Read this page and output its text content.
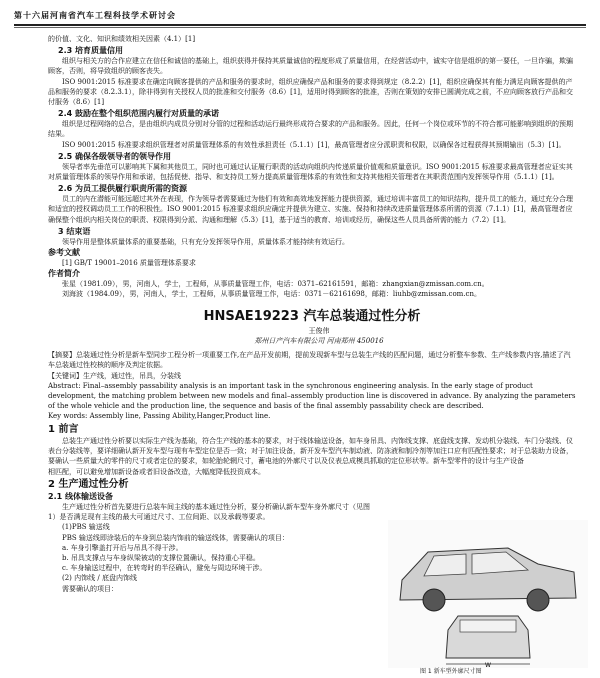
第十六届河南省汽车工程科技学术研讨会

的价值、文化、知识和绩效相关因素（4.1）[1]

2.3 培育质量信用

组织与相关方的合作应建立在信任和诚信的基础上，组织获得并保持其质量诚信的程度形成了质量信用，在经营活动中，诚实守信是组织的第一要任，一旦诈骗，欺骗顾客，否则，将导致组织的顾客丧失。

ISO 9001:2015 标准要求在确定向顾客提供的产品和服务的要求时，组织应确保产品和服务的要求得到规定（8.2.2）[1]，组织应确保其有能力满足向顾客提供的产品和服务的要求（8.2.3.1），除非得到有关授权人员的批准和交付服务（8.6）[1]，适用时得到顾客的批准，否则在策划的安排已圆满完成之前，不应向顾客放行产品和交付服务（8.6）[1]

2.4 鼓励在整个组织范围内履行对质量的承诺

组织是过程网络的总合，是由组织内成员分别对分管的过程和活动运行最终形成符合要求的产品和服务。因此，任何一个岗位或环节的不符合都可能影响到组织的预期结果。

ISO 9001:2015 标准要求组织管理者对质量管理体系的有效性承担责任（5.1.1）[1]，最高管理者应分派职责和权限，以确保各过程获得其预期输出（5.3）[1]。

2.5 确保各级领导者的领导作用

领导者率先垂范可以影响其下属和其他员工，同时也可通过认证履行职责的活动向组织内传递质量价值观和质量意识。ISO 9001:2015 标准要求最高管理者应证实其对质量管理体系的领导作用和承诺，包括促使、指导、和支持员工努力提高质量管理体系的有效性和支持其他相关管理者在其职责范围内发挥领导作用（5.1.1）[1]。

2.6 为员工提供履行职责所需的资源

员工的内在潜能可能远超过其外在表现，作为领导者需要通过为他们有效和高效地发挥能力提供资源，通过培训丰富员工的知识结构，提升员工的能力，通过充分合理和适宜的授权调动员工工作的积极性。ISO 9001:2015 标准要求组织应确定并提供为建立、实施、保持和持续改进质量管理体系所需的资源（7.1.1）[1]，最高管理者应确保整个组织内相关岗位的职责、权限得到分派、沟通和理解（5.3）[1]，基于适当的教育、培训或经历，确保这些人员具备所需的能力（7.2）[1]。

3 结束语

领导作用是整体质量体系的重要基础，只有充分发挥领导作用，质量体系才能持续有效运行。

参考文献

[1] GB/T 19001–2016 质量管理体系要求

作者简介

张星（1981.09），男，河南人，学士，工程师，从事质量管理工作，电话：0371–62161591，邮箱：zhangxian@zmissan.com.cn。

刘海波（1984.09），男，河南人，学士，工程师，从事质量管理工作，电话：0371－62161698，邮箱：liuhb@zmissan.com.cn。

HNSAE19223 汽车总装通过性分析

王俊伟

郑州日产汽车有限公司 河南郑州 450016

【摘要】总装通过性分析是新车型同步工程分析一项重要工作,在产品开发前期，提前发现新车型与总装生产线的匹配问题，通过分析整车参数、生产线参数内容,描述了汽车总装通过性校核的顺序及判定依据。

【关键词】生产线，通过性，吊具，分装线

Abstract: Final–assembly passability analysis is an important task in the synchronous engineering analysis. In the early stage of product development, the matching problem between new models and final–assembly production line is discovered in advance. By analyzing the parameters of the whole vehicle and the production line, the sequence and basis of the final assembly passability check are described.

Key words: Assembly line, Passing Ability,Hanger,Product line.

1 前言

总装生产通过性分析要以实际生产线为基础，符合生产线的基本的要求，对于线体输送设备，如车身吊具、内饰线支撑、底盘线支撑、发动机分装线、车门分装线、仪表台分装线等，要详细确认新开发车型与现有车型定位是否一致；对于加注设备，新开发车型汽车制动液、防冻液和制冷剂等加注口应有匹配性要求；对于总装助力设备，要确认一些质量大的零件的尺寸或者定位的要求，如轮胎轮辋尺寸，蓄电池的外廓尺寸以及仪表总成模具抓取的定位形状等。新车型零件的设计与生产设备

相匹配，可以避免增加新设备或者旧设备改造，大幅度降低投资成本。

2 生产通过性分析
2.1 线体输送设备

生产通过性分析首先要进行总装车间主线的基本通过性分析，要分析确认新车型车身外廓尺寸（见图 1）是否满足现有主线的最大可通过尺寸、工位间距、以及承载等要求。

(1)PBS 输送线

PBS 输送线即涂装后的车身到总装内饰前的输送线体，需要确认的项目：

a. 车身引擎盖打开后与吊具不得干涉。

b. 吊具支撑点与车身纵梁被动的支撑位置确认，保持重心平稳。

c. 车身输送过程中，在转弯时的半径确认，避免与周边环境干涉。

(2) 内饰线 / 底盘内饰线

需要确认的项目：

W
图 1 新车型外廓尺寸图
